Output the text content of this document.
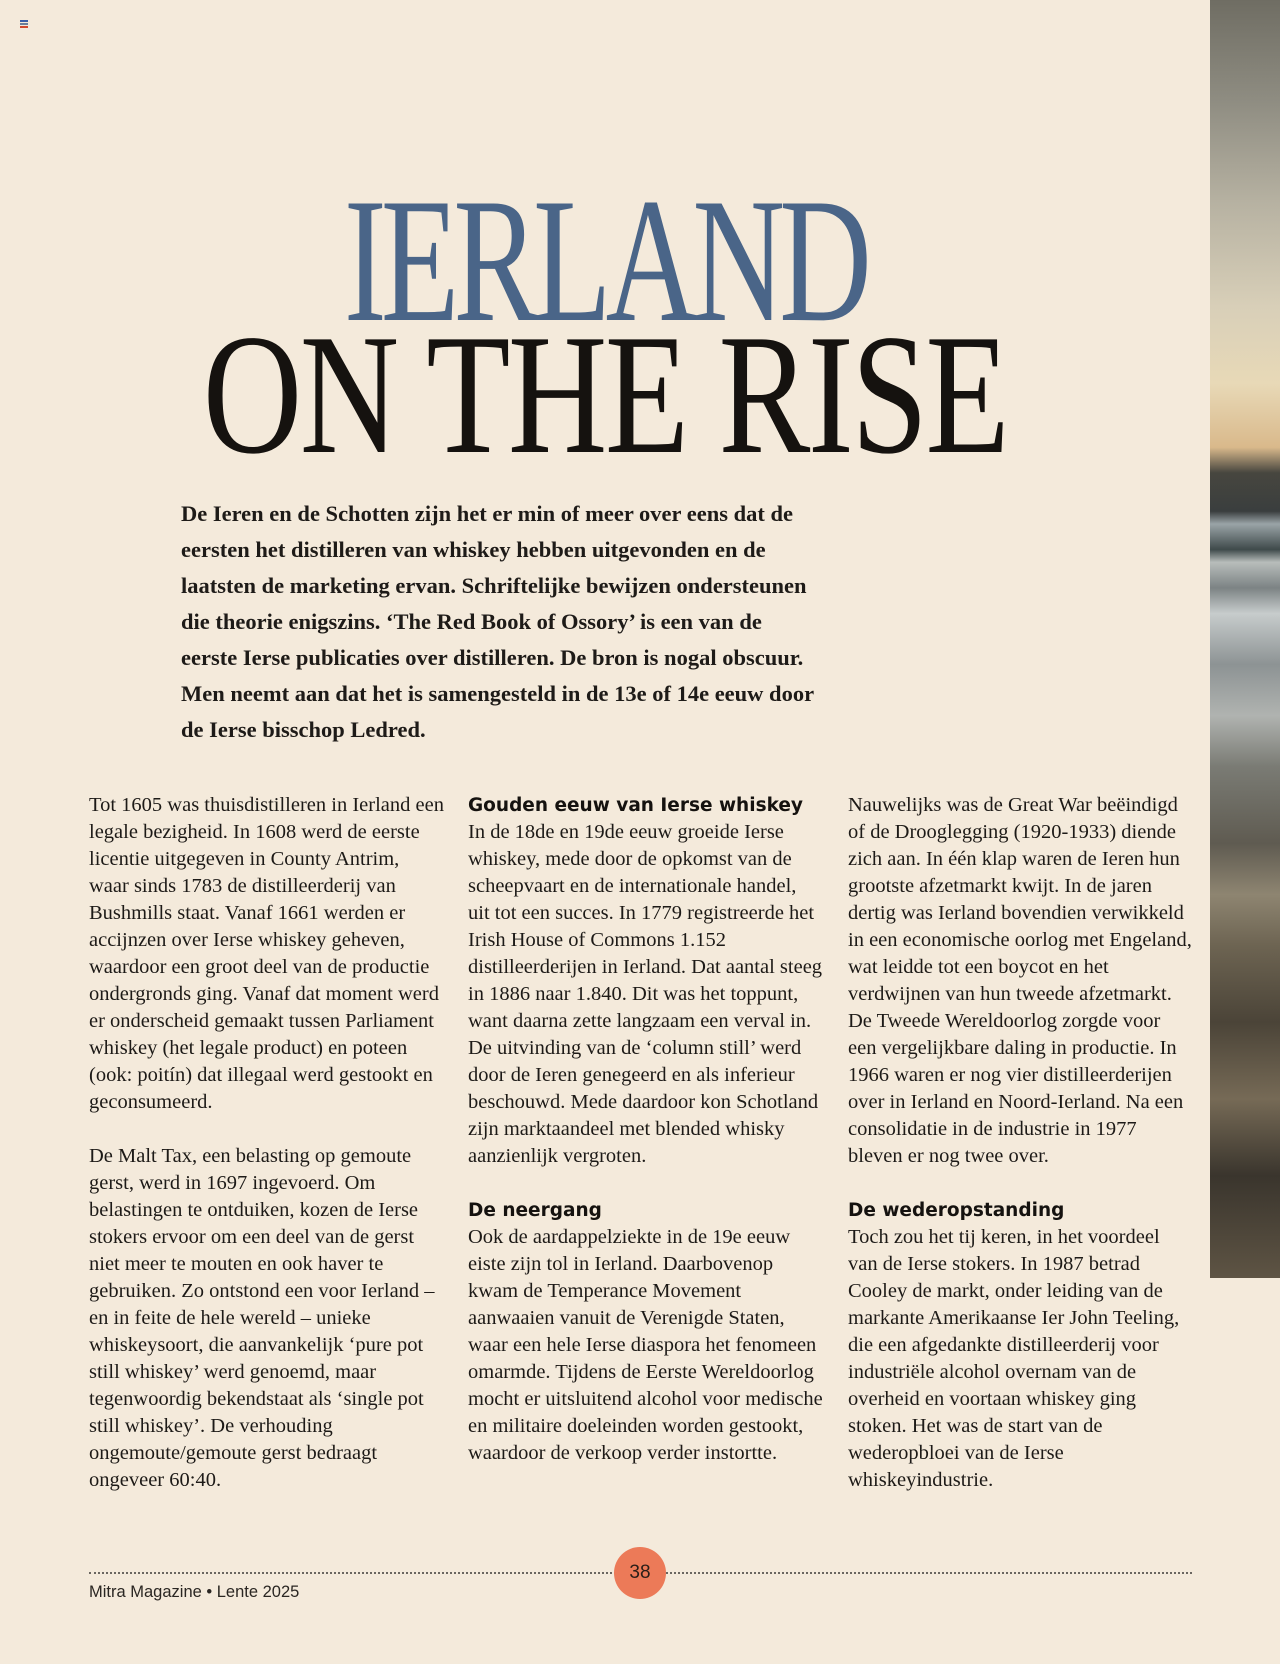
IERLAND
ON THE RISE

De Ieren en de Schotten zijn het er min of meer over eens dat de eersten het distilleren van whiskey hebben uitgevonden en de laatsten de marketing ervan. Schriftelijke bewijzen ondersteunen die theorie enigszins. ‘The Red Book of Ossory’ is een van de eerste Ierse publicaties over distilleren. De bron is nogal obscuur. Men neemt aan dat het is samengesteld in de 13e of 14e eeuw door de Ierse bisschop Ledred.

Tot 1605 was thuisdistilleren in Ierland een legale bezigheid. In 1608 werd de eerste licentie uitgegeven in County Antrim, waar sinds 1783 de distilleerderij van Bushmills staat. Vanaf 1661 werden er accijnzen over Ierse whiskey geheven, waardoor een groot deel van de productie ondergronds ging. Vanaf dat moment werd er onderscheid gemaakt tussen Parliament whiskey (het legale product) en poteen (ook: poitín) dat illegaal werd gestookt en geconsumeerd.

De Malt Tax, een belasting op gemoute gerst, werd in 1697 ingevoerd. Om belastingen te ontduiken, kozen de Ierse stokers ervoor om een deel van de gerst niet meer te mouten en ook haver te gebruiken. Zo ontstond een voor Ierland – en in feite de hele wereld – unieke whiskeysoort, die aanvankelijk ‘pure pot still whiskey’ werd genoemd, maar tegenwoordig bekendstaat als ‘single pot still whiskey’. De verhouding ongemoute/gemoute gerst bedraagt ongeveer 60:40.

Gouden eeuw van Ierse whiskey

In de 18de en 19de eeuw groeide Ierse whiskey, mede door de opkomst van de scheepvaart en de internationale handel, uit tot een succes. In 1779 registreerde het Irish House of Commons 1.152 distilleerderijen in Ierland. Dat aantal steeg in 1886 naar 1.840. Dit was het toppunt, want daarna zette langzaam een verval in. De uitvinding van de ‘column still’ werd door de Ieren genegeerd en als inferieur beschouwd. Mede daardoor kon Schotland zijn marktaandeel met blended whisky aanzienlijk vergroten.

De neergang

Ook de aardappelziekte in de 19e eeuw eiste zijn tol in Ierland. Daarbovenop kwam de Temperance Movement aanwaaien vanuit de Verenigde Staten, waar een hele Ierse diaspora het fenomeen omarmde. Tijdens de Eerste Wereldoorlog mocht er uitsluitend alcohol voor medische en militaire doeleinden worden gestookt, waardoor de verkoop verder instortte.

Nauwelijks was de Great War beëindigd of de Drooglegging (1920-1933) diende zich aan. In één klap waren de Ieren hun grootste afzetmarkt kwijt. In de jaren dertig was Ierland bovendien verwikkeld in een economische oorlog met Engeland, wat leidde tot een boycot en het verdwijnen van hun tweede afzetmarkt. De Tweede Wereldoorlog zorgde voor een vergelijkbare daling in productie. In 1966 waren er nog vier distilleerderijen over in Ierland en Noord-Ierland. Na een consolidatie in de industrie in 1977 bleven er nog twee over.

De wederopstanding

Toch zou het tij keren, in het voordeel van de Ierse stokers. In 1987 betrad Cooley de markt, onder leiding van de markante Amerikaanse Ier John Teeling, die een afgedankte distilleerderij voor industriële alcohol overnam van de overheid en voortaan whiskey ging stoken. Het was de start van de wederopbloei van de Ierse whiskeyindustrie.

38
Mitra Magazine • Lente 2025
